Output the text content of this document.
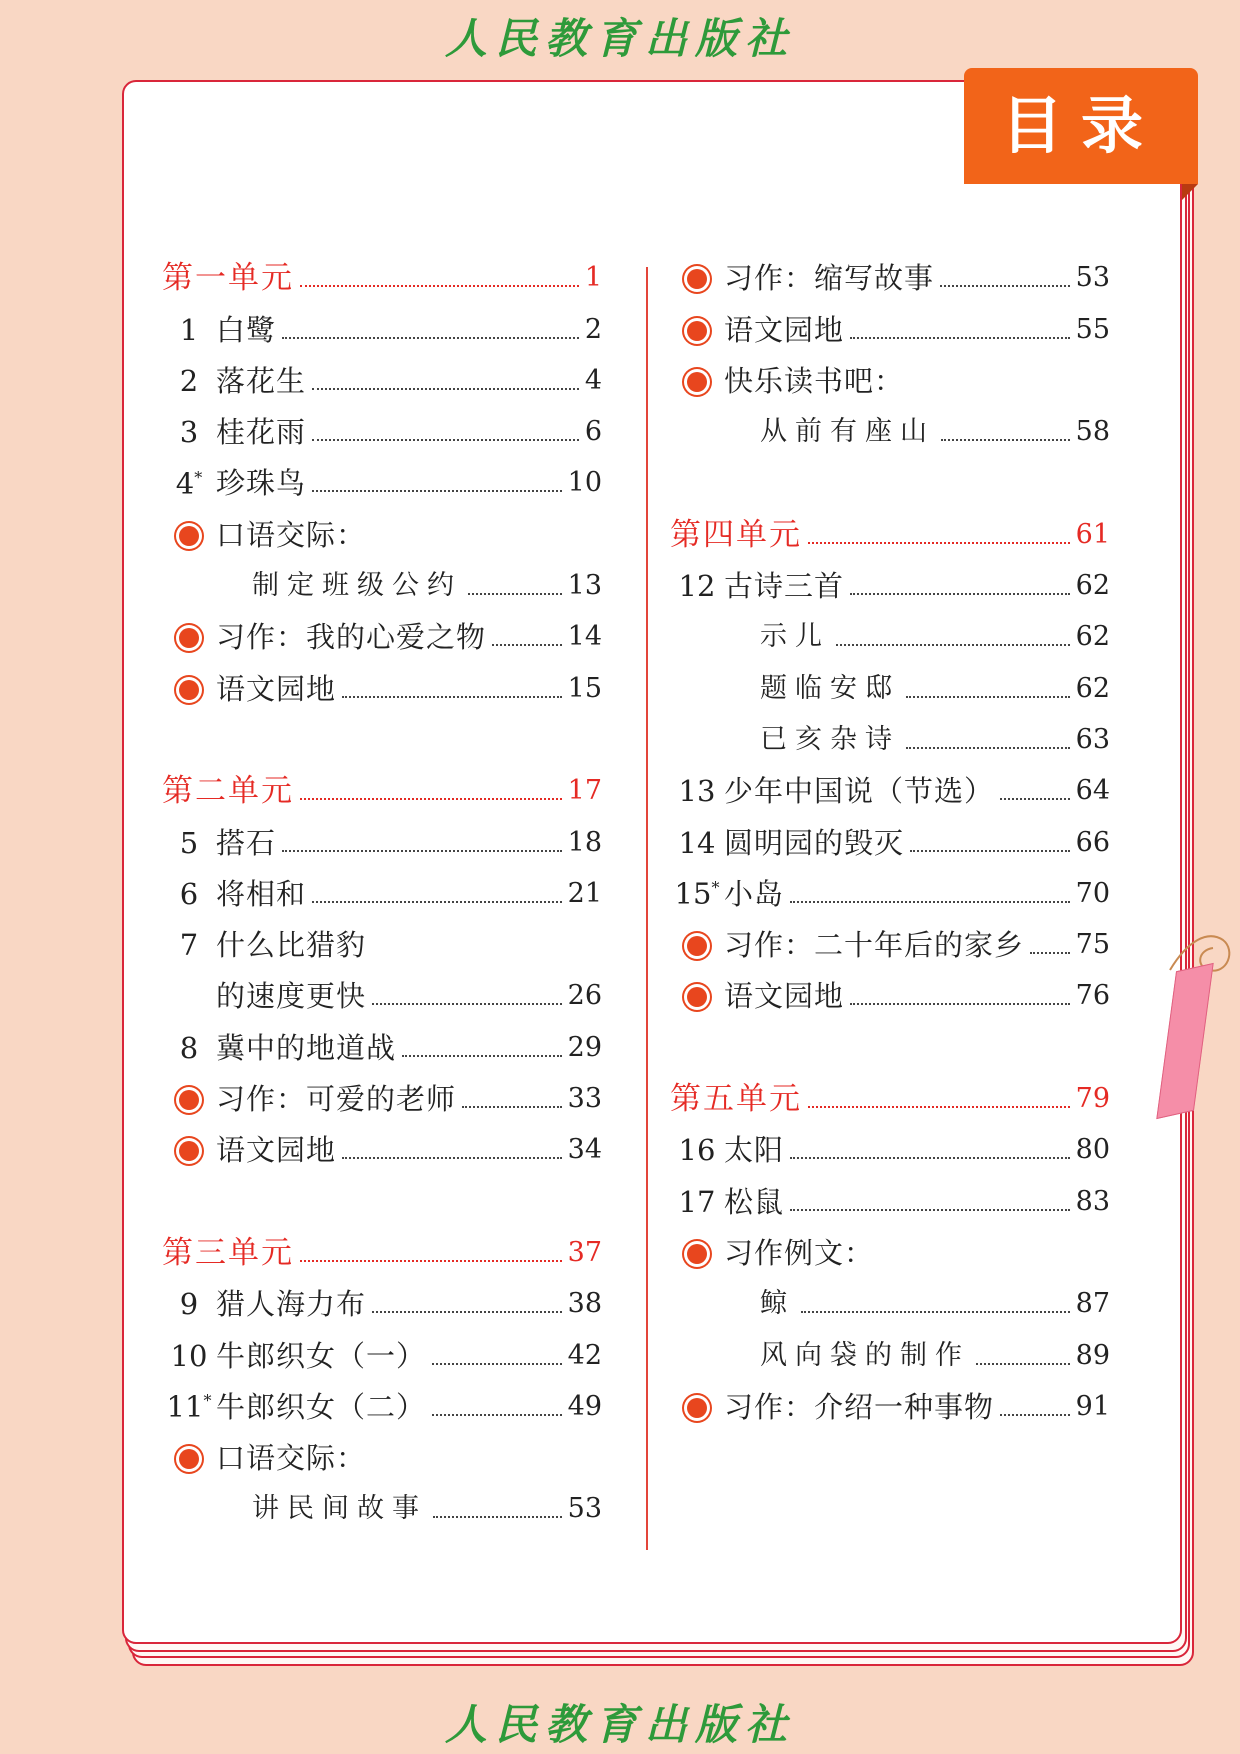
人民教育出版社
第一单元	1
1 白鹭	2
2 落花生	4
3 桂花雨	6
4* 珍珠鸟	10
口语交际：
制定班级公约	13
习作：我的心爱之物	14
语文园地	15
第二单元	17
5 搭石	18
6 将相和	21
7 什么比猎豹
的速度更快	26
8 冀中的地道战	29
习作：可爱的老师	33
语文园地	34
第三单元	37
9 猎人海力布	38
10 牛郎织女（一）	42
11* 牛郎织女（二）	49
口语交际：
讲民间故事	53
习作：缩写故事	53
语文园地	55
快乐读书吧：
从前有座山	58
第四单元	61
12 古诗三首	62
示儿	62
题临安邸	62
已亥杂诗	63
13 少年中国说（节选）	64
14 圆明园的毁灭	66
15* 小岛	70
习作：二十年后的家乡 75
语文园地	76
第五单元	79
16 太阳	80
17 松鼠	83
习作例文：
鲸	87
风向袋的制作	89
习作：介绍一种事物	91
目录
人民教育出版社
